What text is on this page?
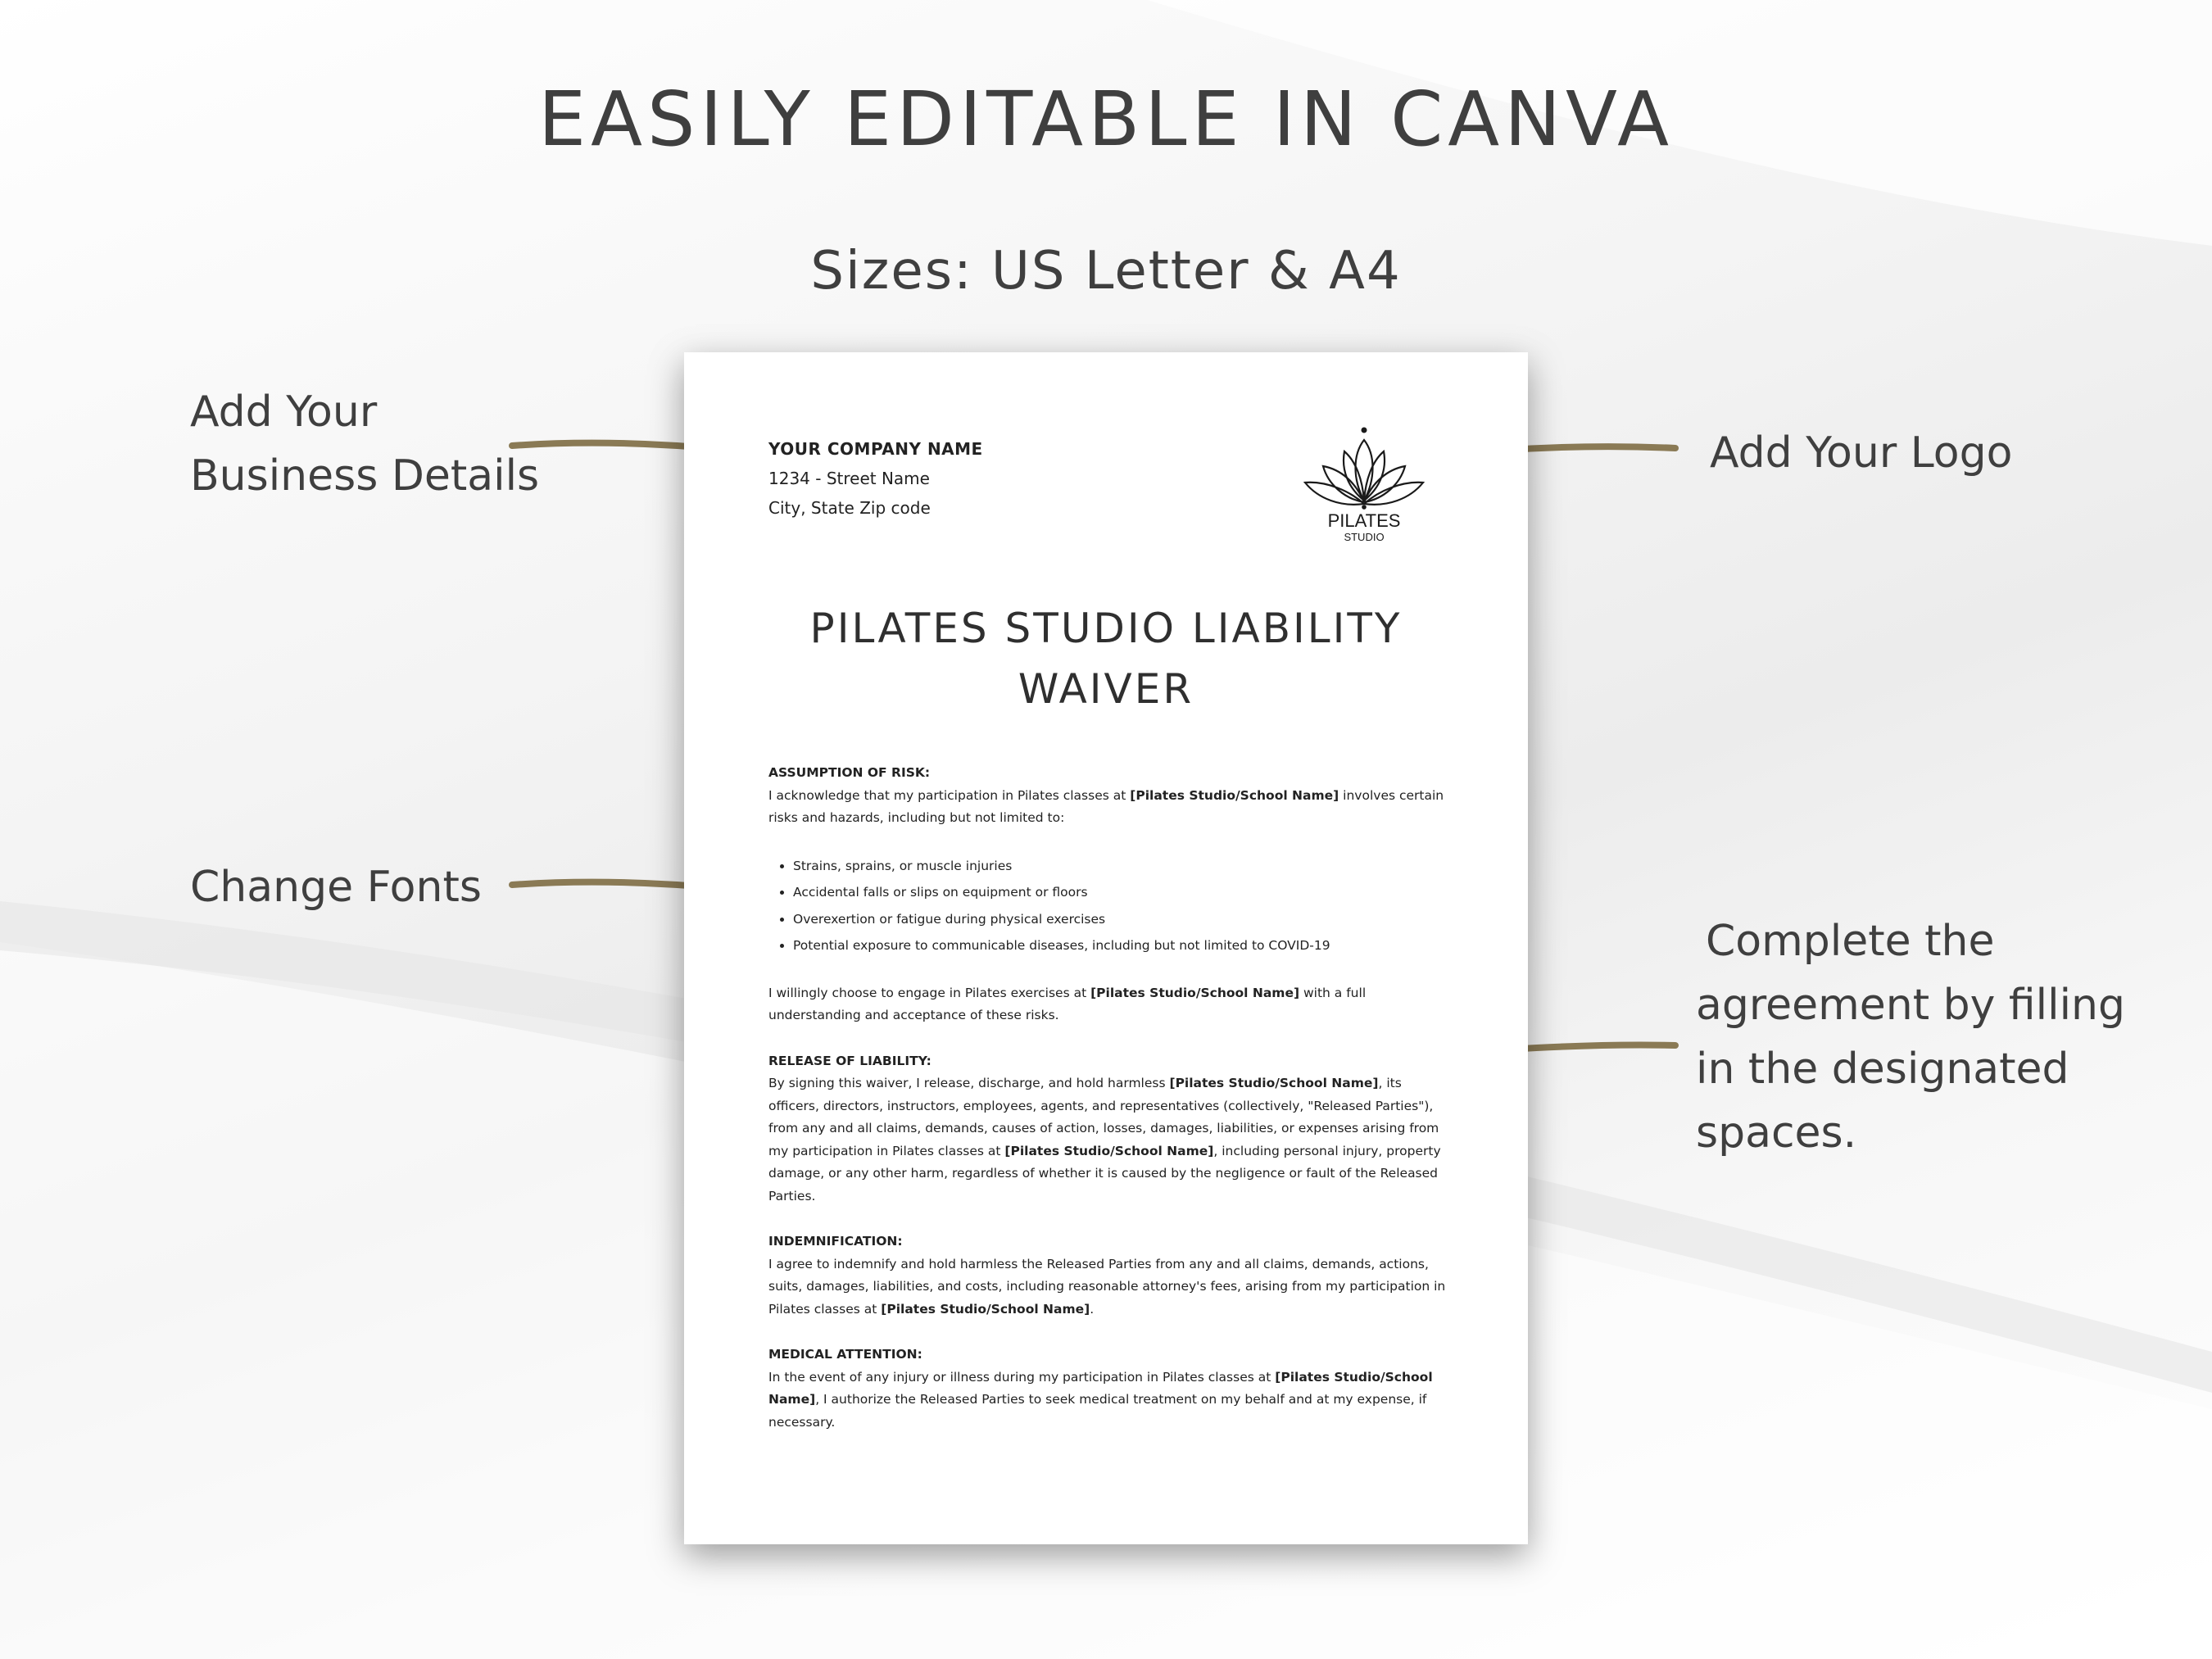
EASILY EDITABLE IN CANVA
Sizes: US Letter & A4
Add Your
Business Details	Add Your Logo
Change Fonts
Complete the
agreement by filling
in the designated
spaces.
YOUR COMPANY NAME
1234 - Street Name
City, State Zip code
PILATES
STUDIO
PILATES STUDIO LIABILITY
WAIVER
ASSUMPTION OF RISK:

I acknowledge that my participation in Pilates classes at [Pilates Studio/School Name] involves certain risks and hazards, including but not limited to:

• Strains, sprains, or muscle injuries
• Accidental falls or slips on equipment or floors
• Overexertion or fatigue during physical exercises
• Potential exposure to communicable diseases, including but not limited to COVID-19

I willingly choose to engage in Pilates exercises at [Pilates Studio/School Name] with a full understanding and acceptance of these risks.

RELEASE OF LIABILITY:

By signing this waiver, I release, discharge, and hold harmless [Pilates Studio/School Name], its officers, directors, instructors, employees, agents, and representatives (collectively, "Released Parties"), from any and all claims, demands, causes of action, losses, damages, liabilities, or expenses arising from my participation in Pilates classes at [Pilates Studio/School Name], including personal injury, property damage, or any other harm, regardless of whether it is caused by the negligence or fault of the Released Parties.

INDEMNIFICATION:

I agree to indemnify and hold harmless the Released Parties from any and all claims, demands, actions, suits, damages, liabilities, and costs, including reasonable attorney's fees, arising from my participation in Pilates classes at [Pilates Studio/School Name].

MEDICAL ATTENTION:

In the event of any injury or illness during my participation in Pilates classes at [Pilates Studio/School Name], I authorize the Released Parties to seek medical treatment on my behalf and at my expense, if necessary.
